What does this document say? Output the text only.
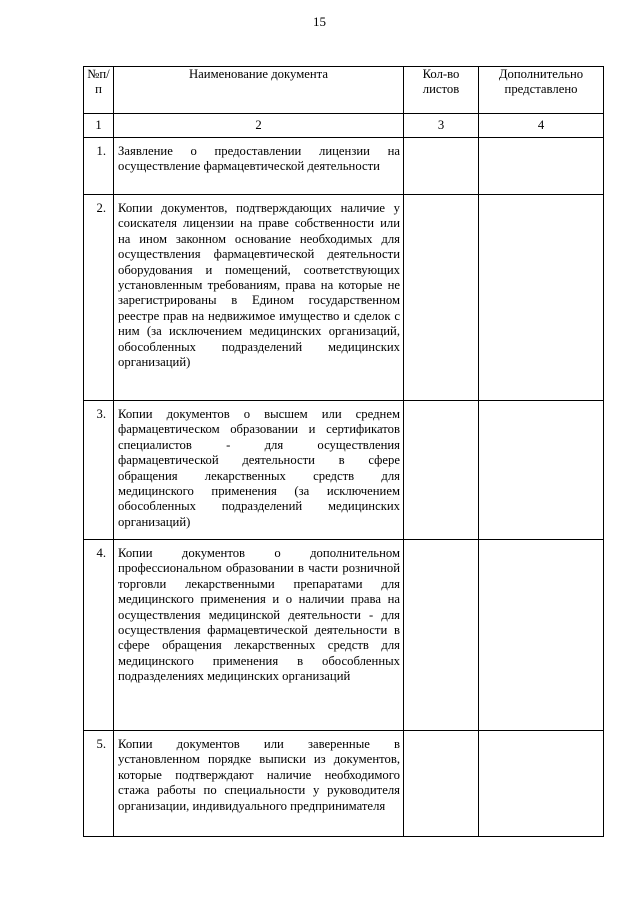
15
№п/п	Наименование документа	Кол-во листов	Дополнительно представлено
1	2	3	4
1.	Заявление о предоставлении лицензии на осуществление фармацевтической деятельности		
2.	Копии документов, подтверждающих наличие у соискателя лицензии на праве собственности или на ином законном основание необходимых для осуществления фармацевтической деятельности оборудования и помещений, соответствующих установленным требованиям, права на которые не зарегистрированы в Едином государственном реестре прав на недвижимое имущество и сделок с ним (за исключением медицинских организаций, обособленных подразделений медицинских организаций)		
3.	Копии документов о высшем или среднем фармацевтическом образовании и сертификатов специалистов - для осуществления фармацевтической деятельности в сфере обращения лекарственных средств для медицинского применения (за исключением обособленных подразделений медицинских организаций)		
4.	Копии документов о дополнительном профессиональном образовании в части розничной торговли лекарственными препаратами для медицинского применения и о наличии права на осуществления медицинской деятельности - для осуществления фармацевтической деятельности в сфере обращения лекарственных средств для медицинского применения в обособленных подразделениях медицинских организаций		
5.	Копии документов или заверенные в установленном порядке выписки из документов, которые подтверждают наличие необходимого стажа работы по специальности у руководителя организации, индивидуального предпринимателя		
